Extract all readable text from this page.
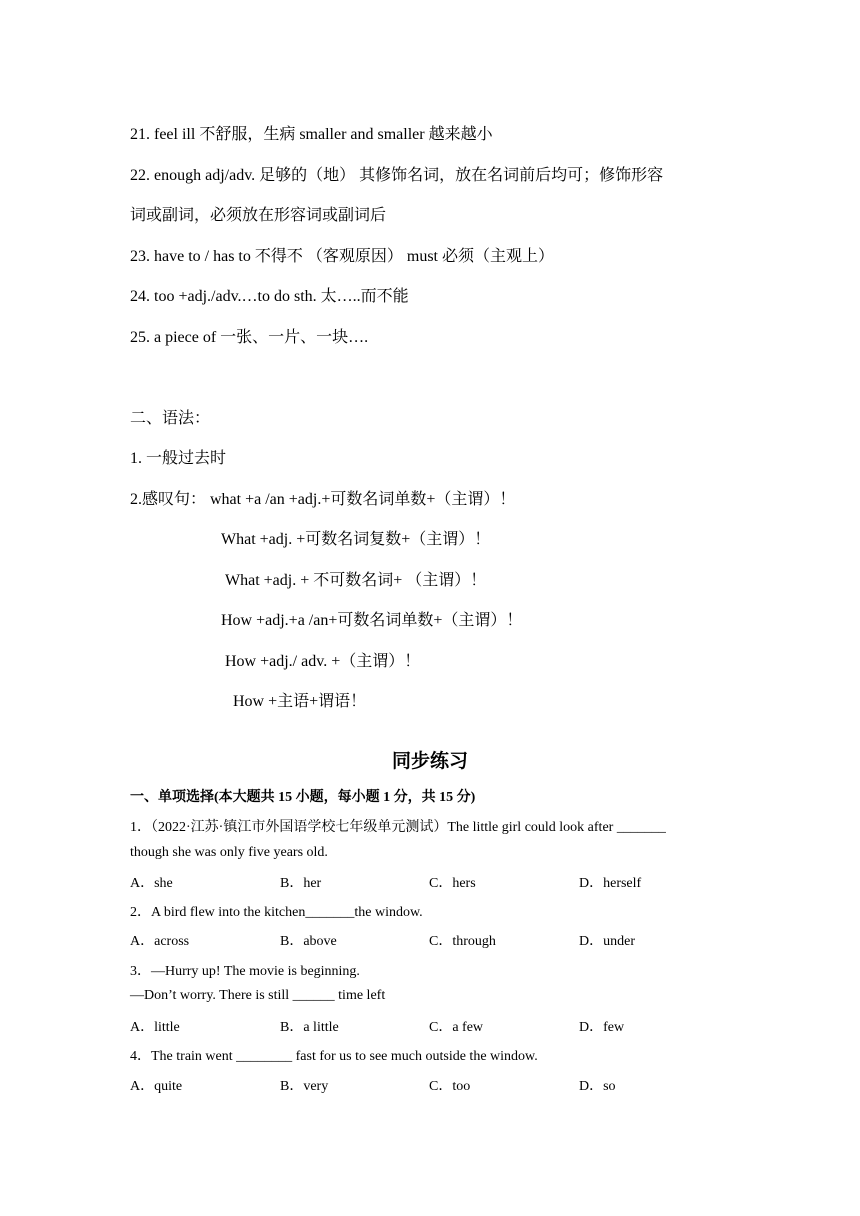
21. feel ill 不舒服，生病 smaller and smaller 越来越小
22. enough adj/adv. 足够的（地） 其修饰名词，放在名词前后均可；修饰形容
词或副词，必须放在形容词或副词后
23. have to / has to 不得不 （客观原因） must 必须（主观上）
24. too +adj./adv.…to do sth. 太…..而不能
25. a piece of 一张、一片、一块….
二、语法：
1. 一般过去时
2.感叹句： what +a /an +adj.+可数名词单数+（主谓）！
What +adj. +可数名词复数+（主谓）！
What +adj. + 不可数名词+ （主谓）！
How +adj.+a /an+可数名词单数+（主谓）！
How +adj./ adv. +（主谓）！
How +主语+谓语！
同步练习
一、单项选择(本大题共 15 小题，每小题 1 分，共 15 分)
1．（2022·江苏·镇江市外国语学校七年级单元测试）The little girl could look after _______
though she was only five years old.
A．she	B．her	C．hers	D．herself
2．A bird flew into the kitchen_______the window.
A．across	B．above	C．through	D．under
3．—Hurry up! The movie is beginning.
—Don’t worry. There is still ______ time left
A．little	B．a little	C．a few	D．few
4．The train went ________ fast for us to see much outside the window.
A．quite	B．very	C．too	D．so
